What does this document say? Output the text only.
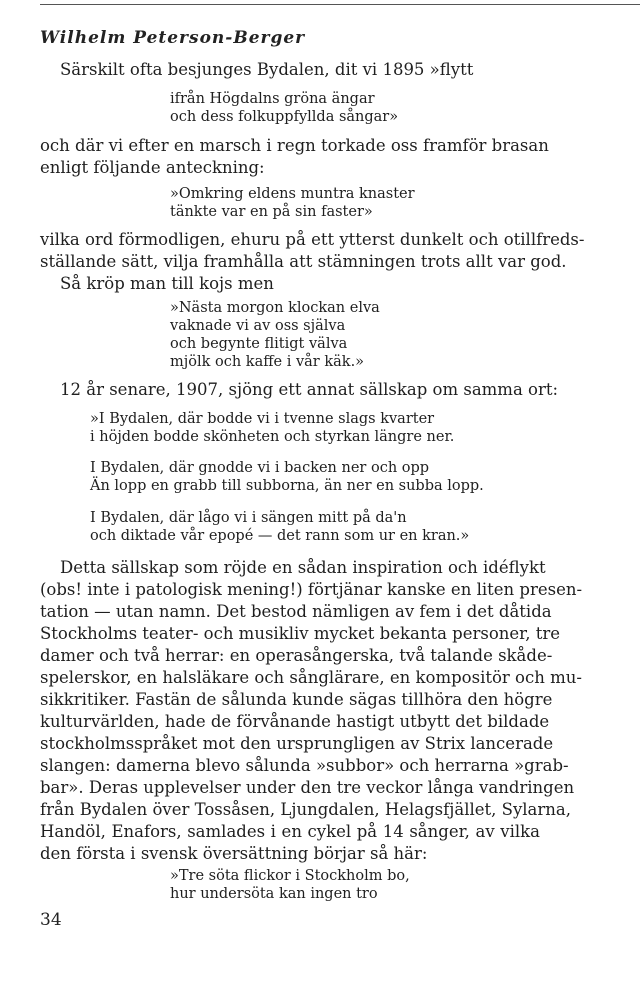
Wilhelm Peterson-Berger
Särskilt ofta besjunges Bydalen, dit vi 1895 »flytt
ifrån Högdalns gröna ängar
och dess folkuppfyllda sångar»
och där vi efter en marsch i regn torkade oss framför brasan
enligt följande anteckning:
»Omkring eldens muntra knaster
tänkte var en på sin faster»
vilka ord förmodligen, ehuru på ett ytterst dunkelt och otillfreds-
ställande sätt, vilja framhålla att stämningen trots allt var god.
Så kröp man till kojs men
»Nästa morgon klockan elva
vaknade vi av oss själva
och begynte flitigt välva
mjölk och kaffe i vår käk.»
12 år senare, 1907, sjöng ett annat sällskap om samma ort:
»I Bydalen, där bodde vi i tvenne slags kvarter
i höjden bodde skönheten och styrkan längre ner.
I Bydalen, där gnodde vi i backen ner och opp
Än lopp en grabb till subborna, än ner en subba lopp.
I Bydalen, där lågo vi i sängen mitt på da'n
och diktade vår epopé — det rann som ur en kran.»
Detta sällskap som röjde en sådan inspiration och idéflykt
(obs! inte i patologisk mening!) förtjänar kanske en liten presen-
tation — utan namn. Det bestod nämligen av fem i det dåtida
Stockholms teater- och musikliv mycket bekanta personer, tre
damer och två herrar: en operasångerska, två talande skåde-
spelerskor, en halsläkare och sånglärare, en kompositör och mu-
sikkritiker. Fastän de sålunda kunde sägas tillhöra den högre
kulturvärlden, hade de förvånande hastigt utbytt det bildade
stockholmsspråket mot den ursprungligen av Strix lancerade
slangen: damerna blevo sålunda »subbor» och herrarna »grab-
bar». Deras upplevelser under den tre veckor långa vandringen
från Bydalen över Tossåsen, Ljungdalen, Helagsfjället, Sylarna,
Handöl, Enafors, samlades i en cykel på 14 sånger, av vilka
den första i svensk översättning börjar så här:
»Tre söta flickor i Stockholm bo,
hur undersöta kan ingen tro
34
